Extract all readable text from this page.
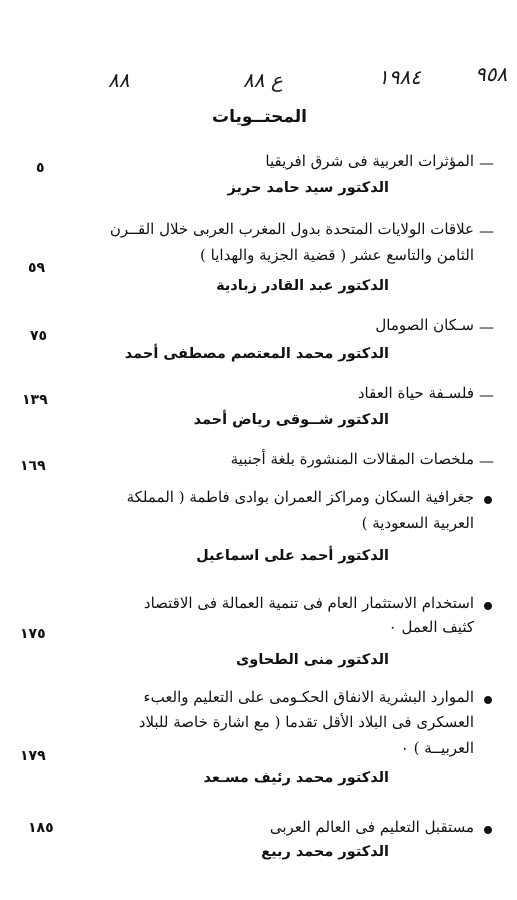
٩٥٨
١٩٨٤
ع ٨٨
٨٨
المحتــويات
—
المؤثرات العربية فى شرق افريقيا
الدكتور سيد حامد حريز
٥
—
علاقات الولايات المتحدة بدول المغرب العربى خلال القــرن
الثامن والتاسع عشر ( قضية الجزية والهدايا )
الدكتور عبد القادر زبادية
٥٩
—
سـكان الصومال
الدكتور محمد المعتصم مصطفى أحمد
٧٥
—
فلسـفة حياة العقاد
الدكتور شــوقى رياض أحمد
١٣٩
—
ملخصات المقالات المنشورة بلغة أجنبية
١٦٩
جغرافية السكان ومراكز العمران بوادى فاطمة ( المملكة
العربية السعودية )
الدكتور أحمد على اسماعيل
استخدام الاستثمار العام فى تنمية العمالة فى الاقتصاد
كثيف العمل ٠
الدكتور منى الطحاوى
١٧٥
الموارد البشرية الانفاق الحكـومى على التعليم والعبء
العسكرى فى البلاد الأقل تقدما ( مع اشارة خاصة للبلاد
العربيــة ) ٠
الدكتور محمد رئيف مسـعد
١٧٩
مستقبل التعليم فى العالم العربى
الدكتور محمد ربيع
١٨٥
